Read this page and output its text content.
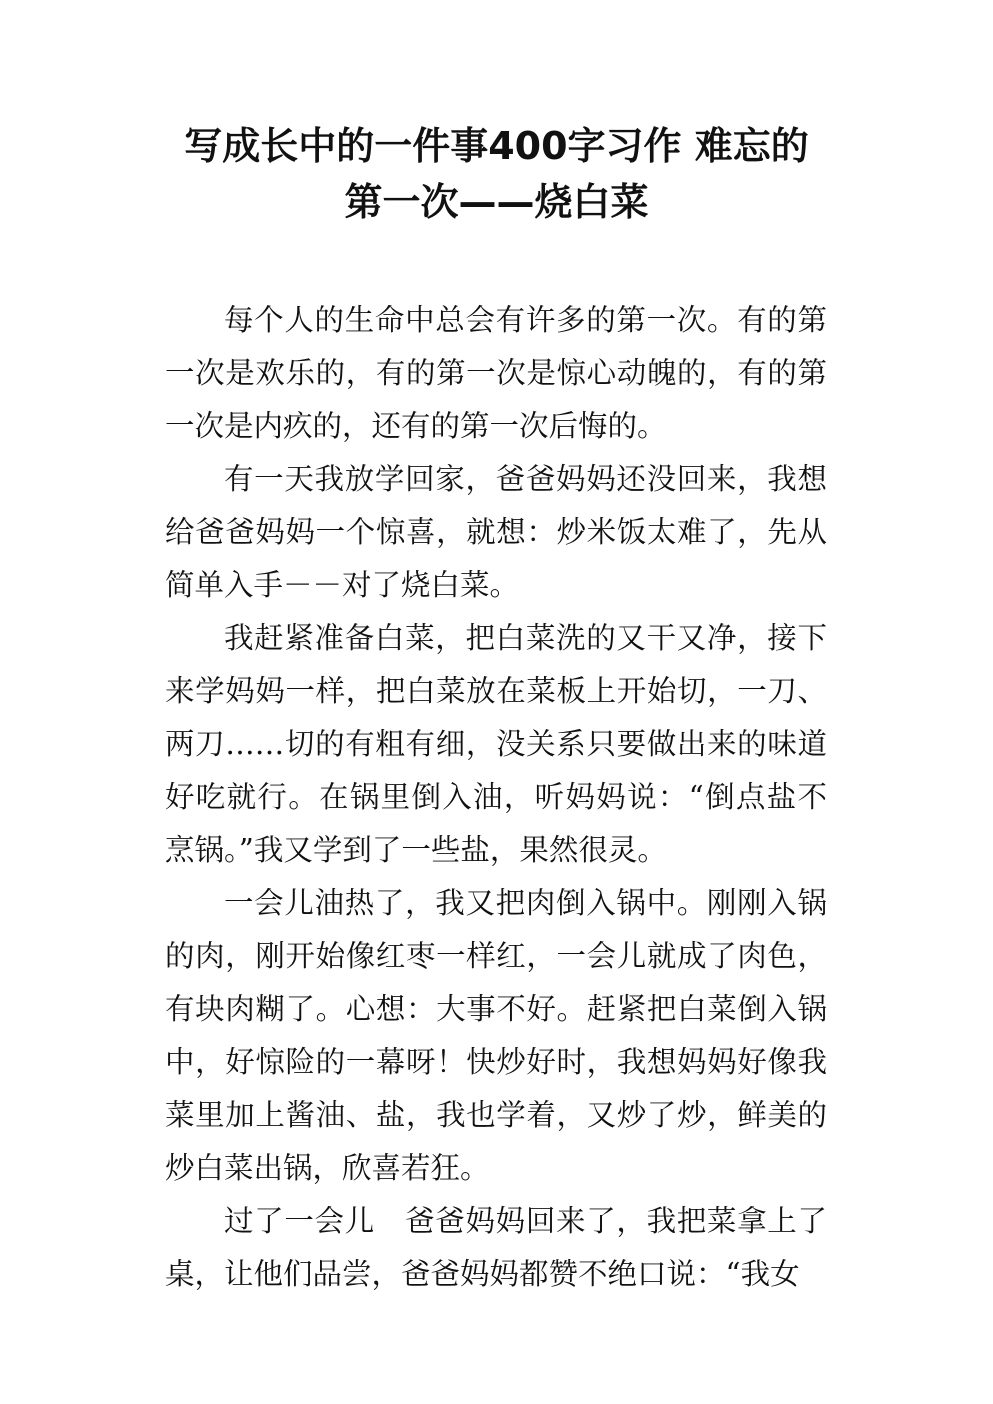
写成长中的一件事400字习作 难忘的
第一次——烧白菜

每个人的生命中总会有许多的第一次。有的第一次是欢乐的，有的第一次是惊心动魄的，有的第一次是内疚的，还有的第一次后悔的。

有一天我放学回家，爸爸妈妈还没回来，我想给爸爸妈妈一个惊喜，就想：炒米饭太难了，先从简单入手－－对了烧白菜。

我赶紧准备白菜，把白菜洗的又干又净，接下来学妈妈一样，把白菜放在菜板上开始切，一刀、两刀……切的有粗有细，没关系只要做出来的味道好吃就行。在锅里倒入油，听妈妈说：“倒点盐不烹锅。”我又学到了一些盐，果然很灵。

一会儿油热了，我又把肉倒入锅中。刚刚入锅的肉，刚开始像红枣一样红，一会儿就成了肉色，有块肉糊了。心想：大事不好。赶紧把白菜倒入锅中，好惊险的一幕呀！快炒好时，我想妈妈好像我菜里加上酱油、盐，我也学着，又炒了炒，鲜美的炒白菜出锅，欣喜若狂。

过了一会儿　爸爸妈妈回来了，我把菜拿上了桌，让他们品尝，爸爸妈妈都赞不绝口说：“我女
